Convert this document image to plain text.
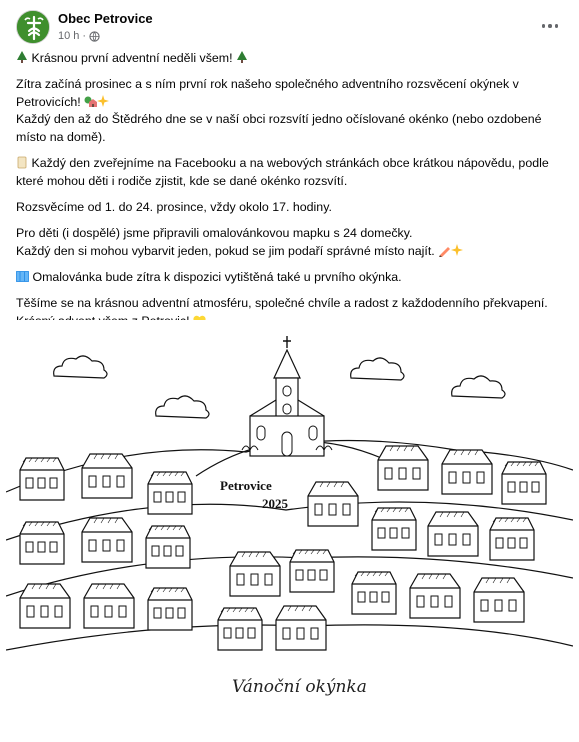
Obec Petrovice
10 h ·

Krásnou první adventní neděli všem!

Zítra začíná prosinec a s ním první rok našeho společného adventního rozsvěcení okýnek v
Petrovicích!

Každý den až do Štědrého dne se v naší obci rozsvítí jedno očíslované okénko (nebo ozdobené
místo na domě).

Každý den zveřejníme na Facebooku a na webových stránkách obce krátkou nápovědu, podle
které mohou děti i rodiče zjistit, kde se dané okénko rozsvítí.

Rozsvěcíme od 1. do 24. prosince, vždy okolo 17. hodiny.

Pro děti (i dospělé) jsme připravili omalovánkovou mapku s 24 domečky.
Každý den si mohou vybarvit jeden, pokud se jim podaří správné místo najít.

Omalovánka bude zítra k dispozici vytištěná také u prvního okýnka.

Těšíme se na krásnou adventní atmosféru, společné chvíle a radost z každodenního překvapení.

Petrovice
2025
Vánoční okýnka
